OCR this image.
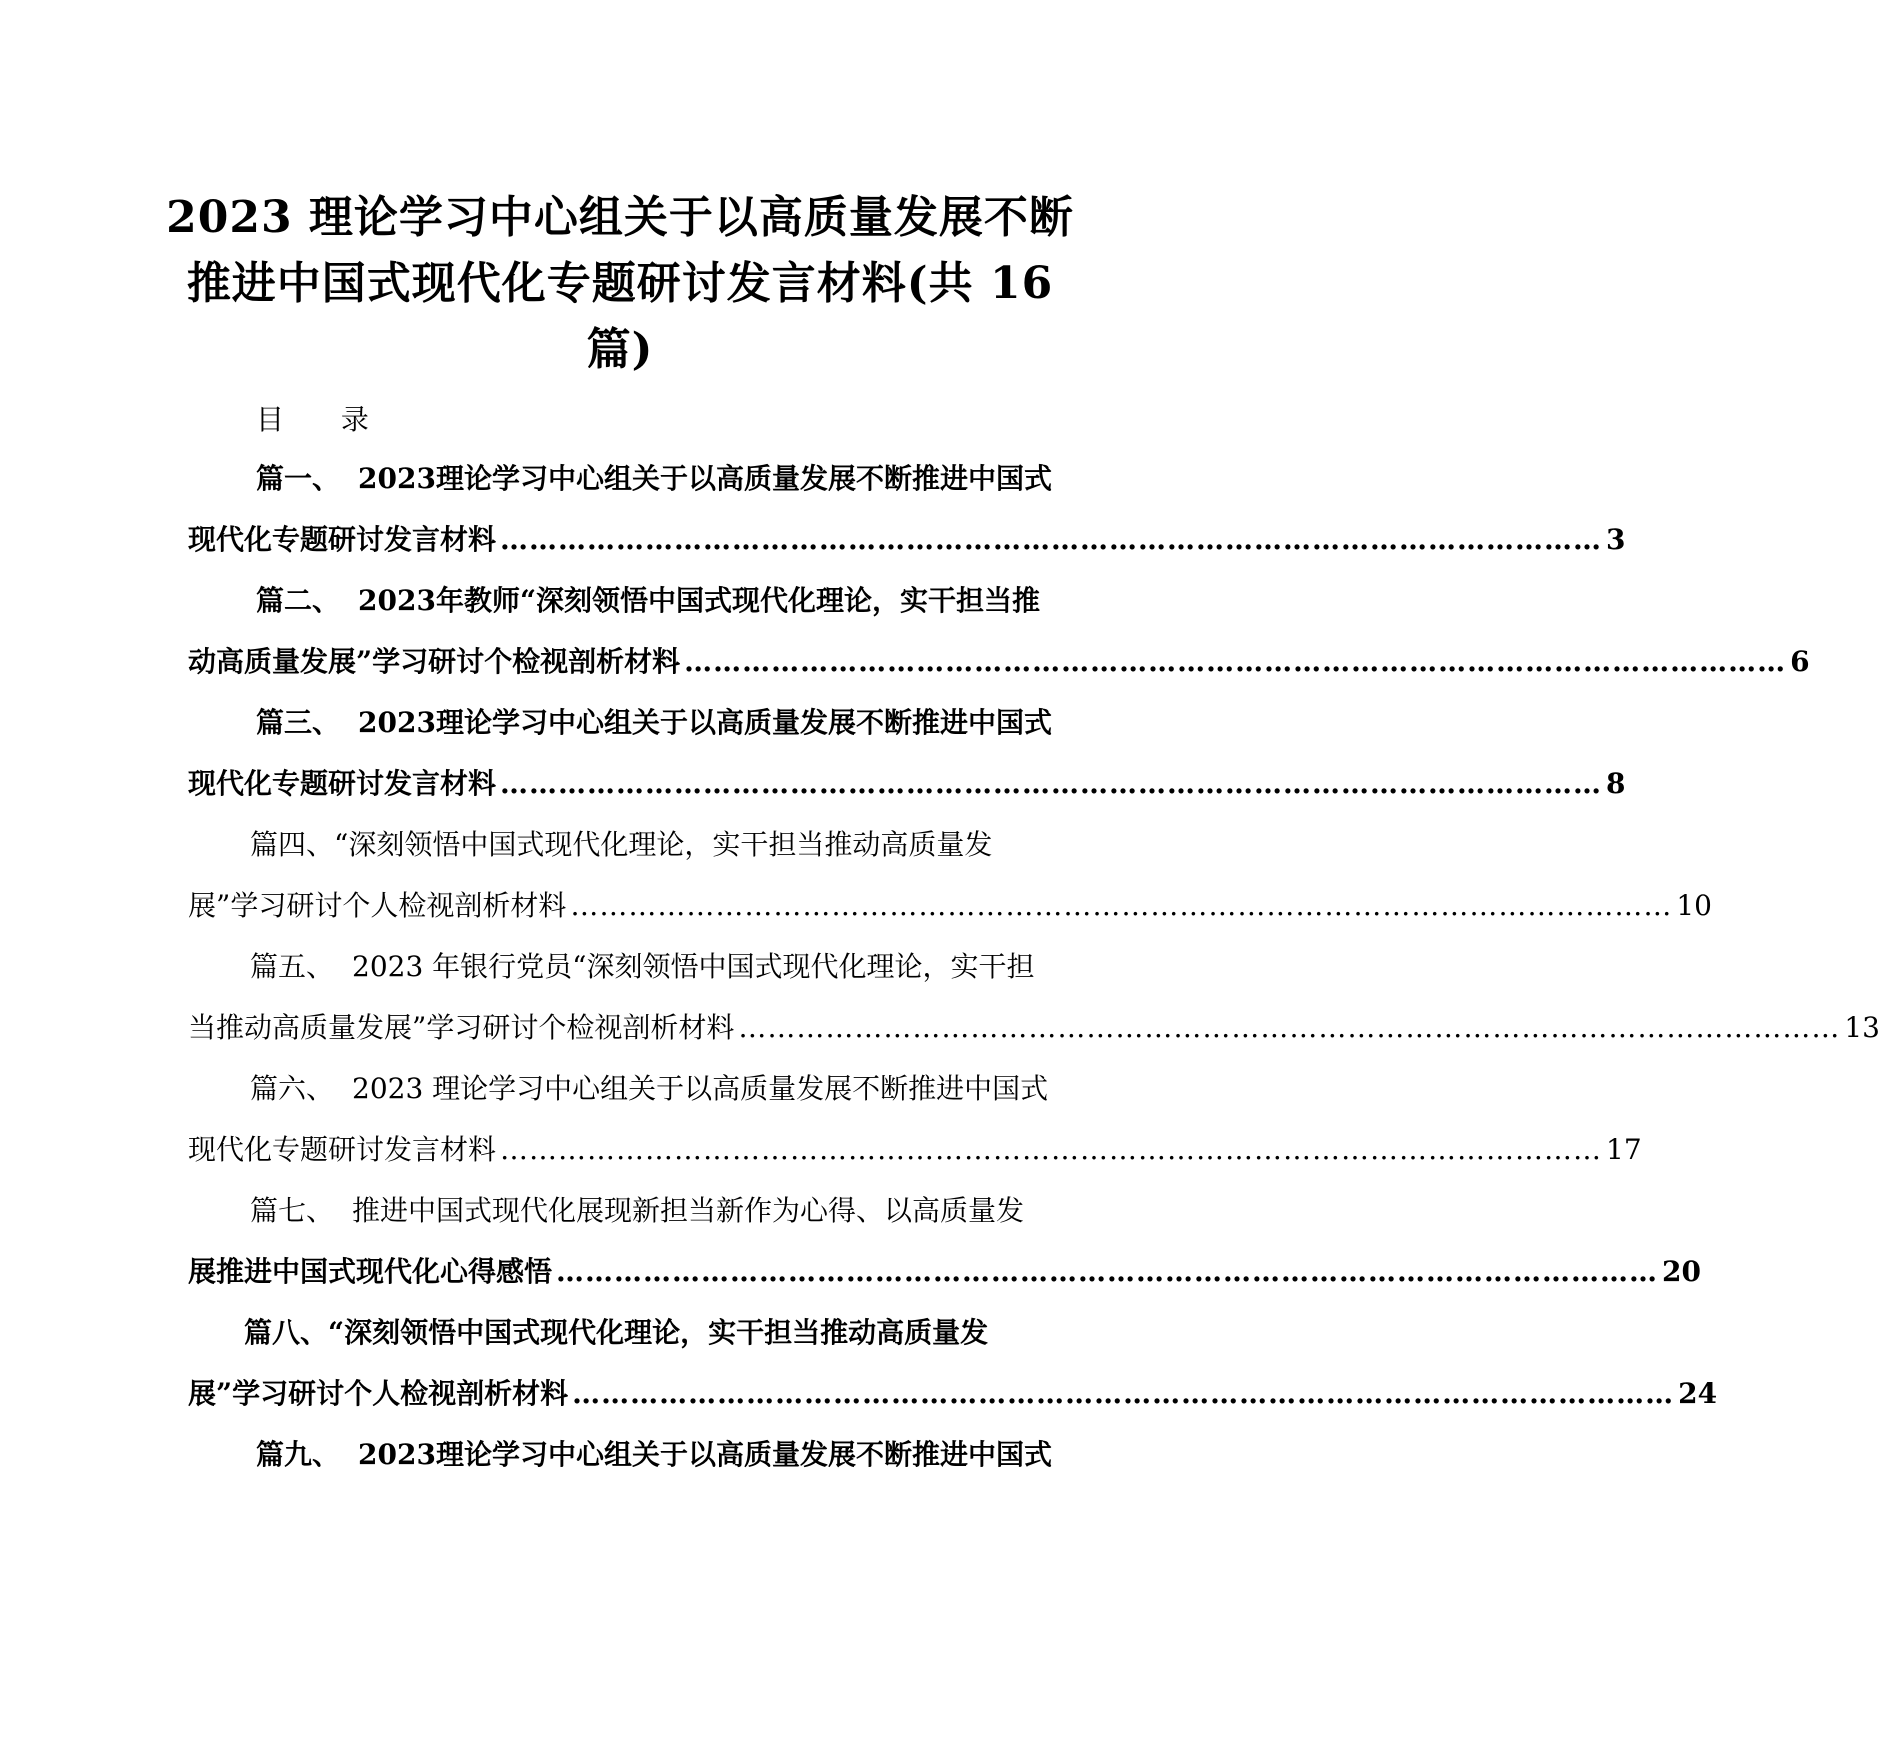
2023 理论学习中心组关于以高质量发展不断推进中国式现代化专题研讨发言材料(共 16 篇)

目 录

篇一、 2023理论学习中心组关于以高质量发展不断推进中国式
现代化专题研讨发言材料 …………………………………………………………………………………………………… 3
篇二、 2023年教师“深刻领悟中国式现代化理论，实干担当推
动高质量发展”学习研讨个检视剖析材料 …………………………………………………………………………………………………… 6
篇三、 2023理论学习中心组关于以高质量发展不断推进中国式
现代化专题研讨发言材料 …………………………………………………………………………………………………… 8
篇四、“深刻领悟中国式现代化理论，实干担当推动高质量发
展”学习研讨个人检视剖析材料 …………………………………………………………………………………………………… 10
篇五、 2023 年银行党员“深刻领悟中国式现代化理论，实干担
当推动高质量发展”学习研讨个检视剖析材料 …………………………………………………………………………………………………… 13
篇六、 2023 理论学习中心组关于以高质量发展不断推进中国式
现代化专题研讨发言材料 …………………………………………………………………………………………………… 17
篇七、 推进中国式现代化展现新担当新作为心得、以高质量发
展推进中国式现代化心得感悟 …………………………………………………………………………………………………… 20
篇八、“深刻领悟中国式现代化理论，实干担当推动高质量发
展”学习研讨个人检视剖析材料 …………………………………………………………………………………………………… 24
篇九、 2023理论学习中心组关于以高质量发展不断推进中国式
